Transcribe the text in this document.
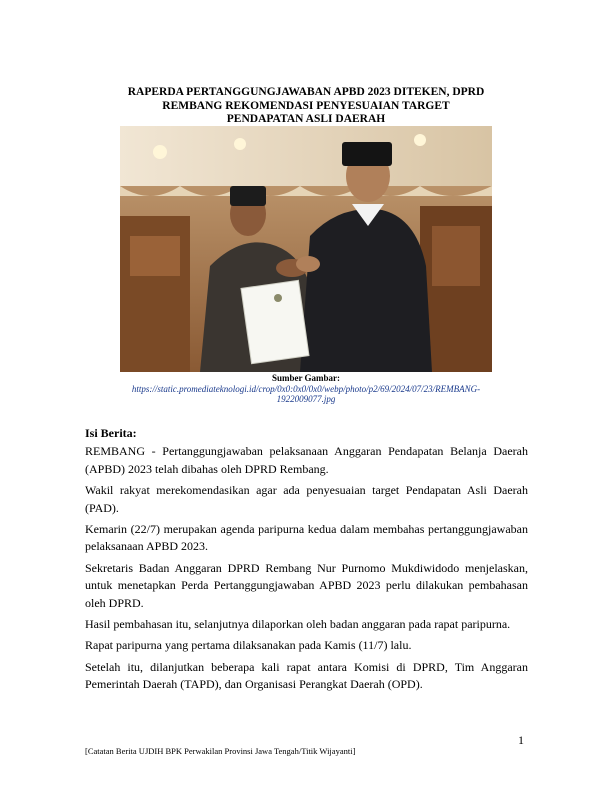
RAPERDA PERTANGGUNGJAWABAN APBD 2023 DITEKEN, DPRD
REMBANG REKOMENDASI PENYESUAIAN TARGET
PENDAPATAN ASLI DAERAH
Sumber Gambar:
https://static.promediateknologi.id/crop/0x0:0x0/0x0/webp/photo/p2/69/2024/07/23/REMBANG-
1922009077.jpg
Isi Berita:

REMBANG - Pertanggungjawaban pelaksanaan Anggaran Pendapatan Belanja Daerah (APBD) 2023 telah dibahas oleh DPRD Rembang.

Wakil rakyat merekomendasikan agar ada penyesuaian target Pendapatan Asli Daerah (PAD).

Kemarin (22/7) merupakan agenda paripurna kedua dalam membahas pertanggungjawaban pelaksanaan APBD 2023.

Sekretaris Badan Anggaran DPRD Rembang Nur Purnomo Mukdiwidodo menjelaskan, untuk menetapkan Perda Pertanggungjawaban APBD 2023 perlu dilakukan pembahasan oleh DPRD.

Hasil pembahasan itu, selanjutnya dilaporkan oleh badan anggaran pada rapat paripurna.

Rapat paripurna yang pertama dilaksanakan pada Kamis (11/7) lalu.

Setelah itu, dilanjutkan beberapa kali rapat antara Komisi di DPRD, Tim Anggaran Pemerintah Daerah (TAPD), dan Organisasi Perangkat Daerah (OPD).

1
[Catatan Berita UJDIH BPK Perwakilan Provinsi Jawa Tengah/Titik Wijayanti]
